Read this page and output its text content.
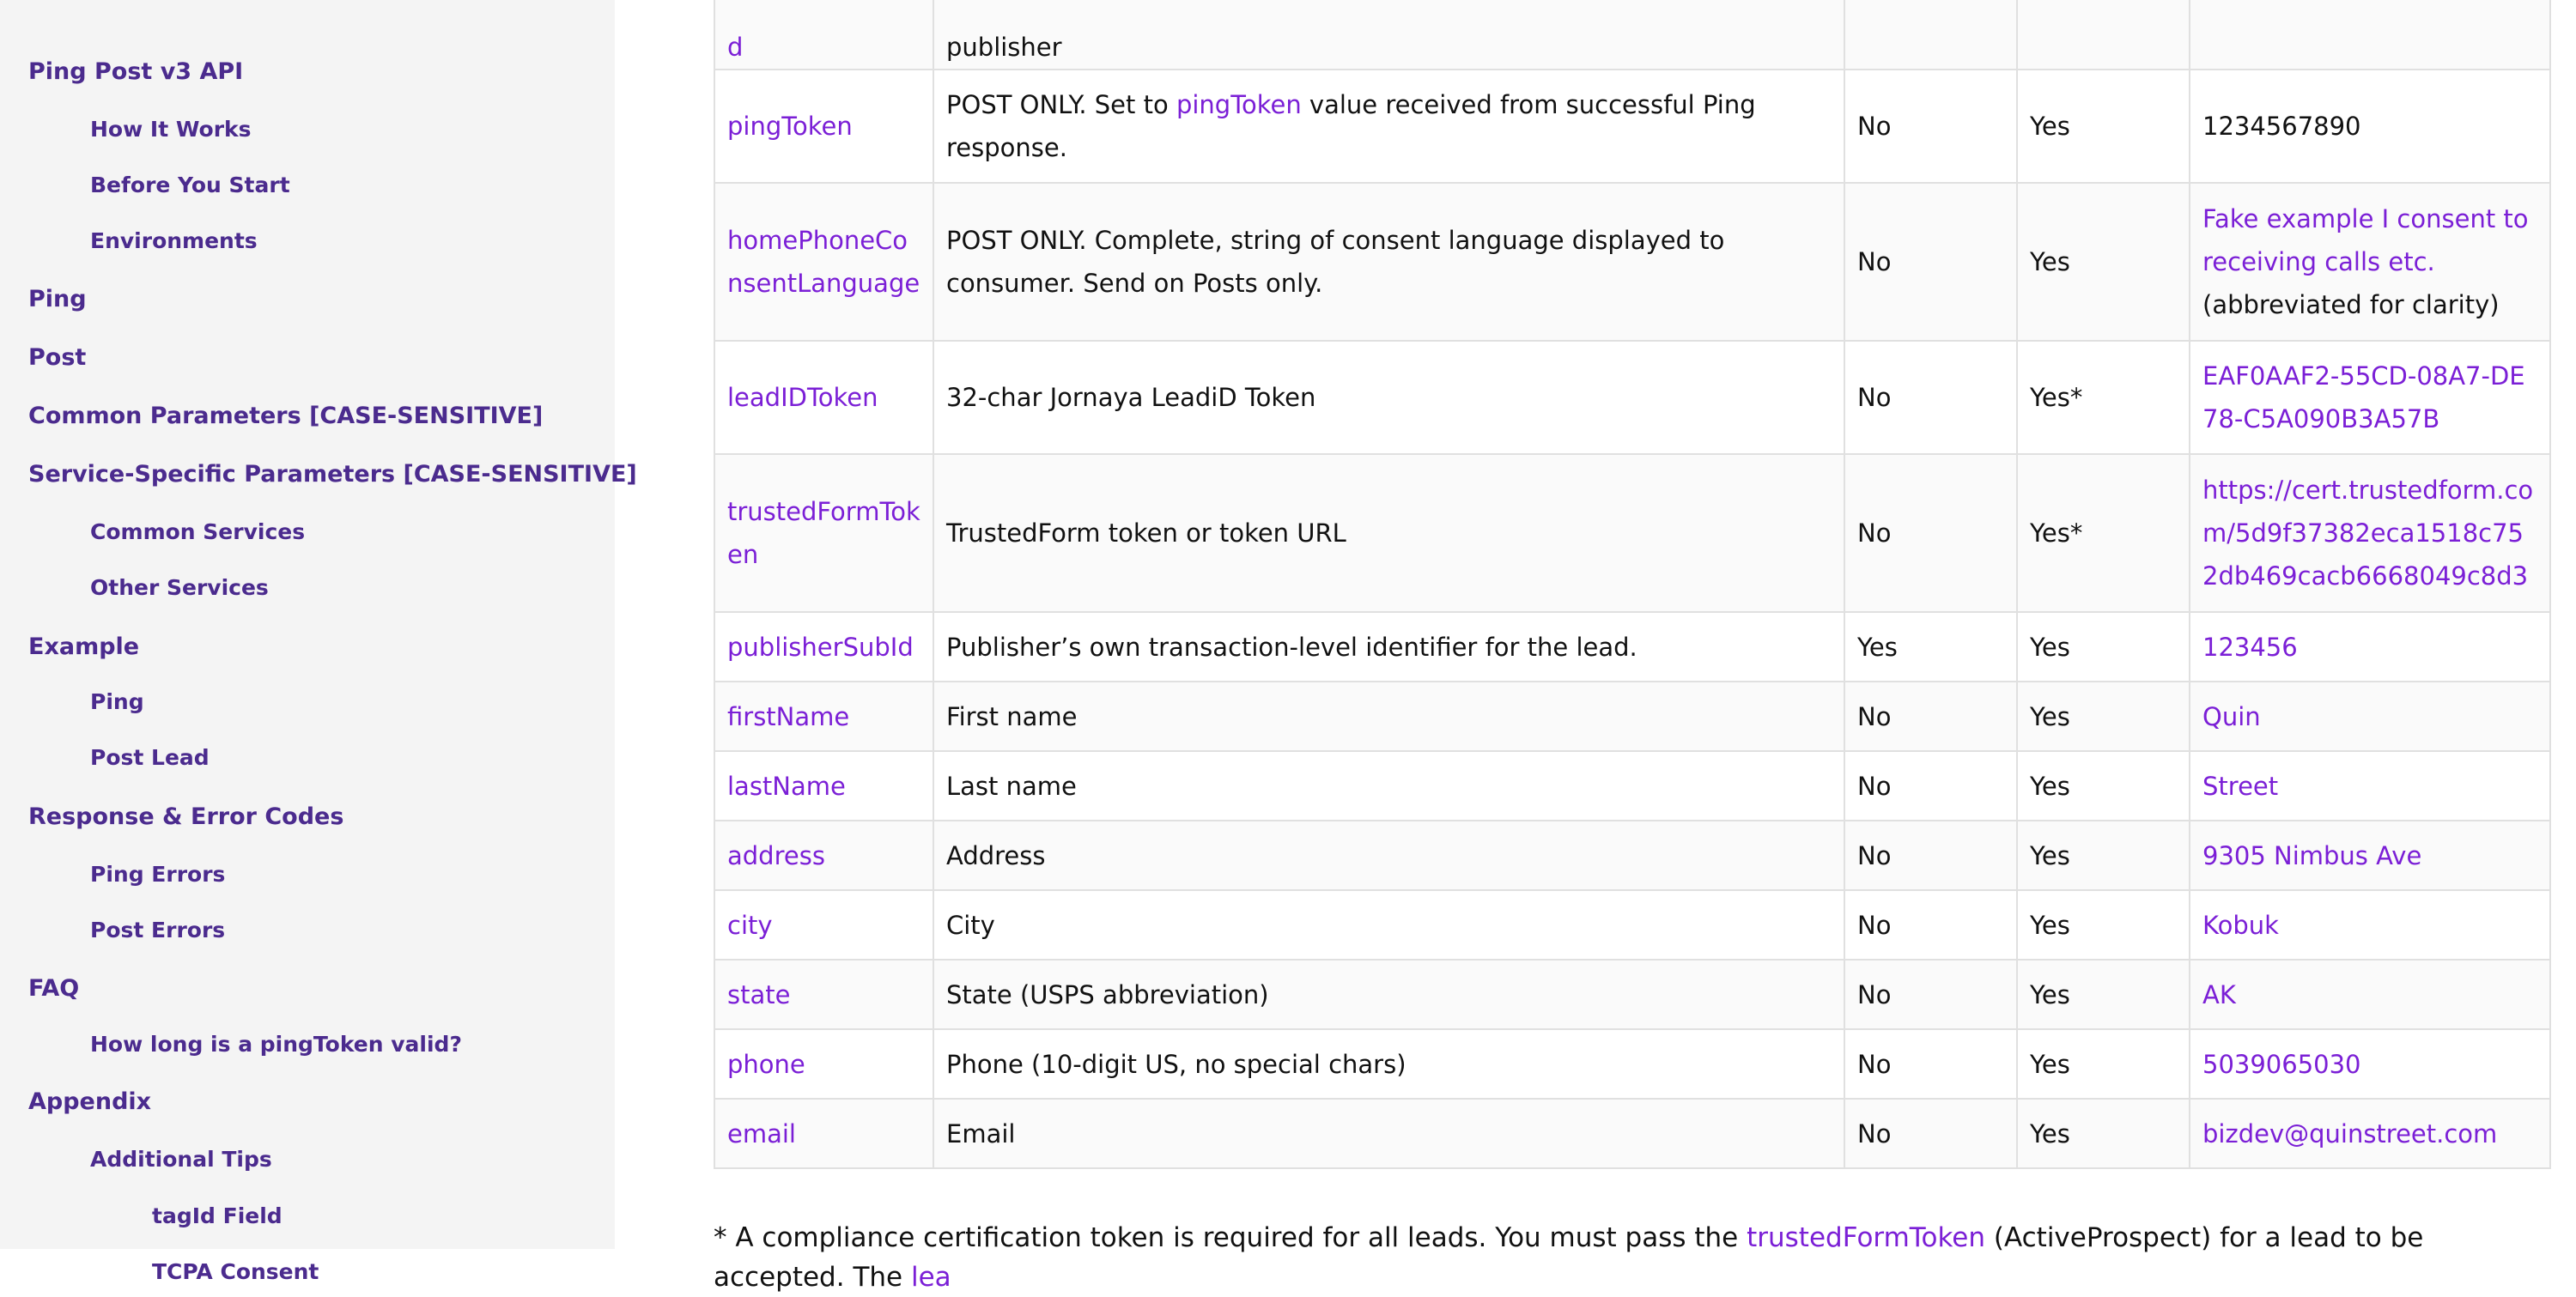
Ping Post v3 API
How It Works
Before You Start
Environments
Ping
Post
Common Parameters [CASE-SENSITIVE]
Service-Specific Parameters [CASE-SENSITIVE]
Common Services
Other Services
Example
Ping
Post Lead
Response & Error Codes
Ping Errors
Post Errors
FAQ
How long is a pingToken valid?
Appendix
Additional Tips
tagId Field
TCPA Consent
d	publisher			
pingToken	POST ONLY. Set to pingToken value received from successful Ping response.	No	Yes	1234567890
homePhoneConsentLanguage	POST ONLY. Complete, string of consent language displayed to consumer. Send on Posts only.	No	Yes	Fake example I consent to receiving calls etc.
(abbreviated for clarity)
leadIDToken	32-char Jornaya LeadiD Token	No	Yes*	EAF0AAF2-55CD-08A7-DE78-C5A090B3A57B
trustedFormToken	TrustedForm token or token URL	No	Yes*	https://cert.trustedform.com/5d9f37382eca1518c752db469cacb6668049c8d3
publisherSubId	Publisher’s own transaction-level identifier for the lead.	Yes	Yes	123456
firstName	First name	No	Yes	Quin
lastName	Last name	No	Yes	Street
address	Address	No	Yes	9305 Nimbus Ave
city	City	No	Yes	Kobuk
state	State (USPS abbreviation)	No	Yes	AK
phone	Phone (10-digit US, no special chars)	No	Yes	5039065030
email	Email	No	Yes	bizdev@quinstreet.com

* A compliance certification token is required for all leads. You must pass the trustedFormToken (ActiveProspect) for a lead to be accepted. The lea
